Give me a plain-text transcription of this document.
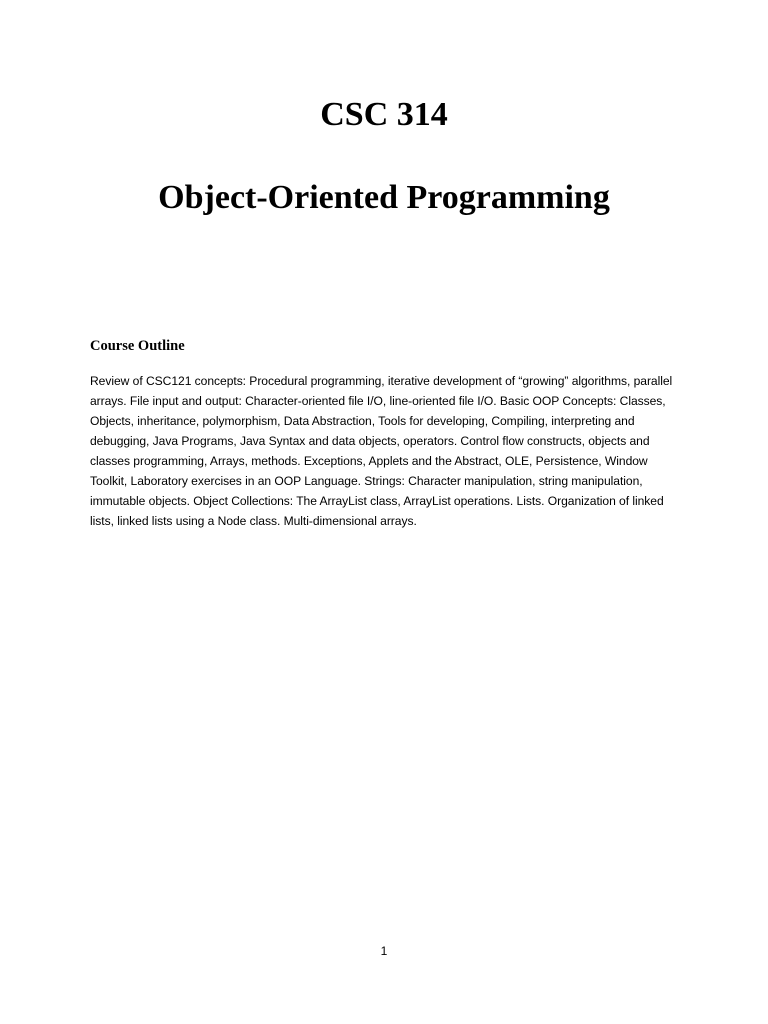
CSC 314
Object-Oriented Programming
Course Outline

Review of CSC121 concepts: Procedural programming, iterative development of “growing” algorithms, parallel arrays. File input and output: Character-oriented file I/O, line-oriented file I/O. Basic OOP Concepts: Classes, Objects, inheritance, polymorphism, Data Abstraction, Tools for developing, Compiling, interpreting and debugging, Java Programs, Java Syntax and data objects, operators. Control flow constructs, objects and classes programming, Arrays, methods. Exceptions, Applets and the Abstract, OLE, Persistence, Window Toolkit, Laboratory exercises in an OOP Language. Strings: Character manipulation, string manipulation, immutable objects. Object Collections: The ArrayList class, ArrayList operations. Lists. Organization of linked lists, linked lists using a Node class. Multi-dimensional arrays.

1
